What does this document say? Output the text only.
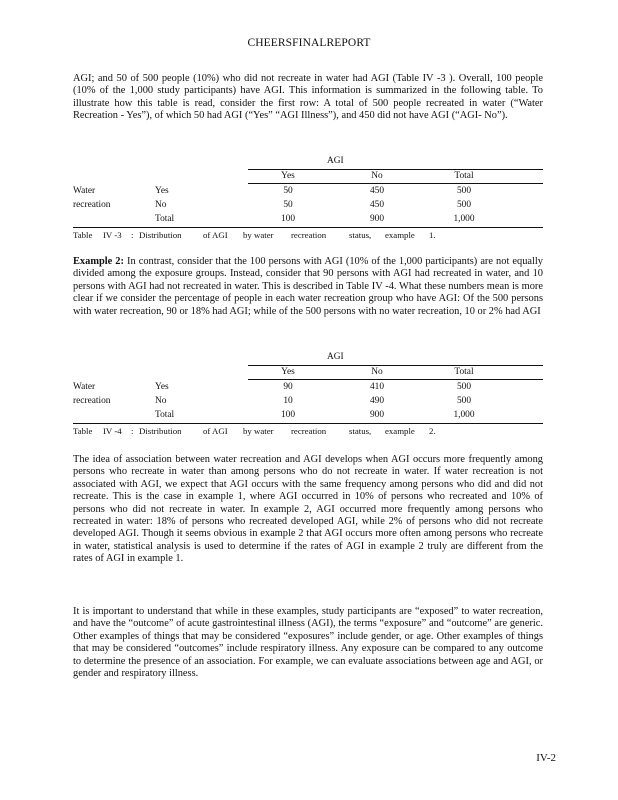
CHEERSFINALREPORT

AGI; and 50 of 500 people (10%) who did not recreate in water had AGI (Table IV -3 ). Overall, 100 people (10% of the 1,000 study participants) have AGI. This information is summarized in the following table. To illustrate how this table is read, consider the first row: A total of 500 people recreated in water (“Water Recreation - Yes”), of which 50 had AGI (“Yes” “AGI Illness”), and 450 did not have AGI (“AGI- No”).

AGI
Yes	No	Total
Water
recreation
Yes	50	450	500
No	50	450	500
Total	100	900	1,000
Table IV -3 : Distribution of AGI by water recreation	status, example 1.

Example 2: In contrast, consider that the 100 persons with AGI (10% of the 1,000 participants) are not equally divided among the exposure groups. Instead, consider that 90 persons with AGI had recreated in water, and 10 persons with AGI had not recreated in water. This is described in Table IV -4. What these numbers mean is more clear if we consider the percentage of people in each water recreation group who have AGI: Of the 500 persons with water recreation, 90 or 18% had AGI; while of the 500 persons with no water recreation, 10 or 2% had AGI

AGI
Yes	No	Total
Water
recreation
Yes	90	410	500
No	10	490	500
Total	100	900	1,000
Table IV -4 : Distribution of AGI by water recreation	status, example 2.

The idea of association between water recreation and AGI develops when AGI occurs more frequently among persons who recreate in water than among persons who do not recreate in water. If water recreation is not associated with AGI, we expect that AGI occurs with the same frequency among persons who did and did not recreate. This is the case in example 1, where AGI occurred in 10% of persons who recreated and 10% of persons who did not recreate in water. In example 2, AGI occurred more frequently among persons who recreated in water: 18% of persons who recreated developed AGI, while 2% of persons who did not recreate developed AGI. Though it seems obvious in example 2 that AGI occurs more often among persons who recreate in water, statistical analysis is used to determine if the rates of AGI in example 2 truly are different from the rates of AGI in example 1.

It is important to understand that while in these examples, study participants are “exposed” to water recreation, and have the “outcome” of acute gastrointestinal illness (AGI), the terms “exposure” and “outcome” are generic. Other examples of things that may be considered “exposures” include gender, or age. Other examples of things that may be considered “outcomes” include respiratory illness. Any exposure can be compared to any outcome to determine the presence of an association. For example, we can evaluate associations between age and AGI, or gender and respiratory illness.

IV-2
